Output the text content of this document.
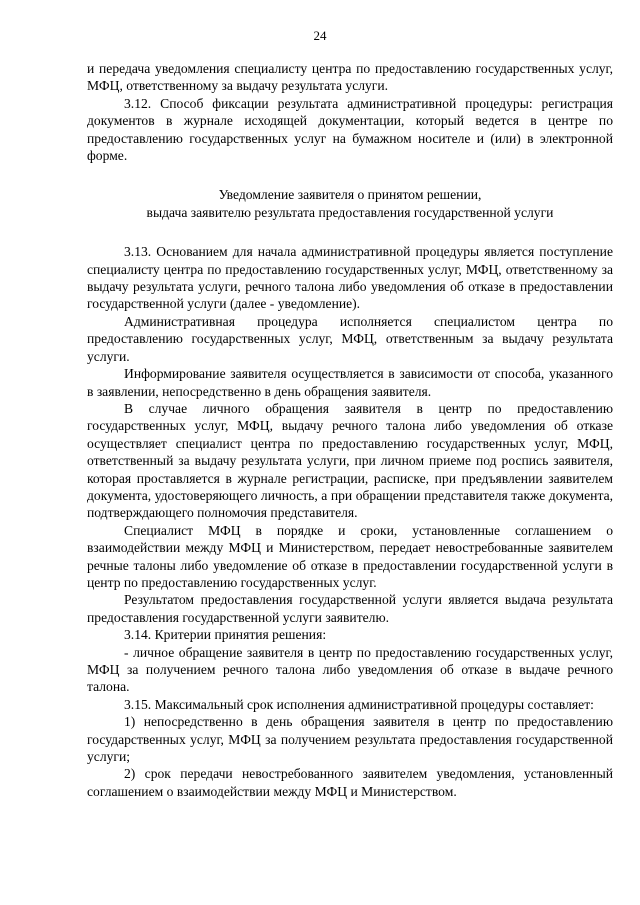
24

и передача уведомления специалисту центра по предоставлению государственных услуг, МФЦ, ответственному за выдачу результата услуги.

3.12. Способ фиксации результата административной процедуры: регистрация документов в журнале исходящей документации, который ведется в центре по предоставлению государственных услуг на бумажном носителе и (или) в электронной форме.

Уведомление заявителя о принятом решении,
выдача заявителю результата предоставления государственной услуги

3.13. Основанием для начала административной процедуры является поступление специалисту центра по предоставлению государственных услуг, МФЦ, ответственному за выдачу результата услуги, речного талона либо уведомления об отказе в предоставлении государственной услуги (далее - уведомление).

Административная процедура исполняется специалистом центра по предоставлению государственных услуг, МФЦ, ответственным за выдачу результата услуги.

Информирование заявителя осуществляется в зависимости от способа, указанного в заявлении, непосредственно в день обращения заявителя.

В случае личного обращения заявителя в центр по предоставлению государственных услуг, МФЦ, выдачу речного талона либо уведомления об отказе осуществляет специалист центра по предоставлению государственных услуг, МФЦ, ответственный за выдачу результата услуги, при личном приеме под роспись заявителя, которая проставляется в журнале регистрации, расписке, при предъявлении заявителем документа, удостоверяющего личность, а при обращении представителя также документа, подтверждающего полномочия представителя.

Специалист МФЦ в порядке и сроки, установленные соглашением о взаимодействии между МФЦ и Министерством, передает невостребованные заявителем речные талоны либо уведомление об отказе в предоставлении государственной услуги в центр по предоставлению государственных услуг.

Результатом предоставления государственной услуги является выдача результата предоставления государственной услуги заявителю.

3.14. Критерии принятия решения:

- личное обращение заявителя в центр по предоставлению государственных услуг, МФЦ за получением речного талона либо уведомления об отказе в выдаче речного талона.

3.15. Максимальный срок исполнения административной процедуры составляет:

1) непосредственно в день обращения заявителя в центр по предоставлению государственных услуг, МФЦ за получением результата предоставления государственной услуги;

2) срок передачи невостребованного заявителем уведомления, установленный соглашением о взаимодействии между МФЦ и Министерством.
